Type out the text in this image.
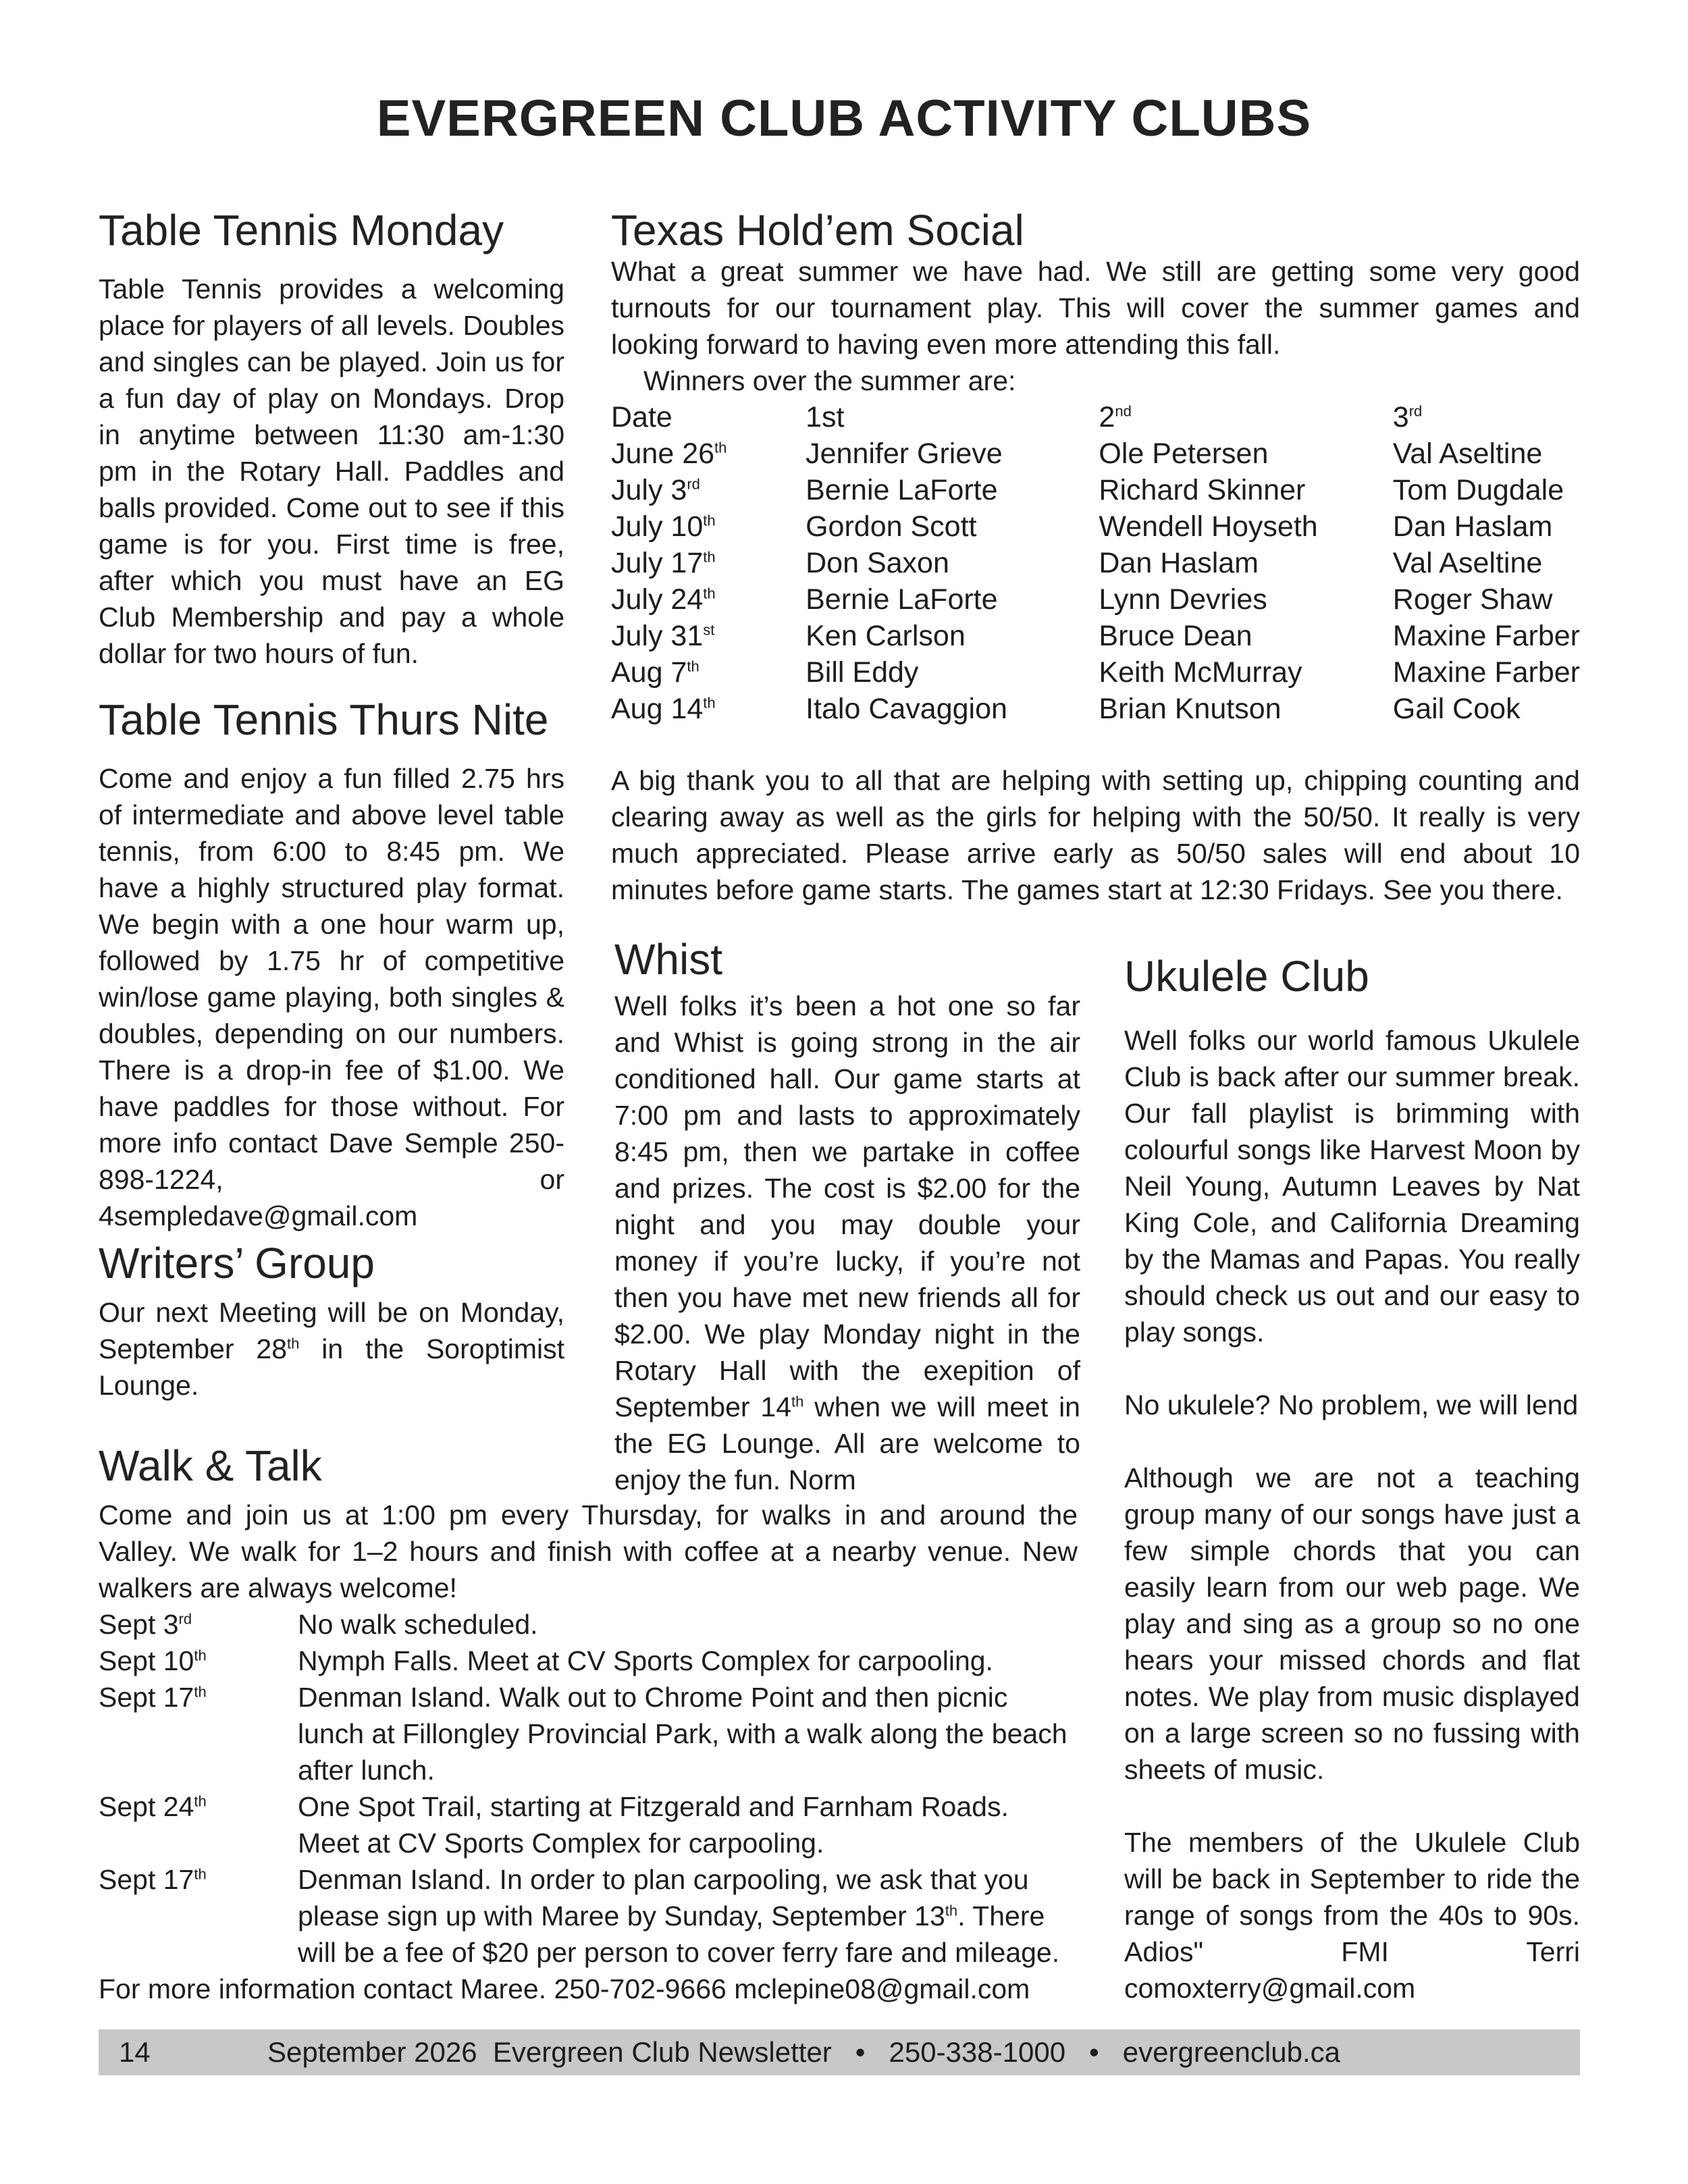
EVERGREEN CLUB ACTIVITY CLUBS
Table Tennis Monday
Table Tennis provides a welcoming place for players of all levels. Doubles and singles can be played. Join us for a fun day of play on Mondays. Drop in anytime between 11:30 am-1:30 pm in the Rotary Hall. Paddles and balls provided. Come out to see if this game is for you. First time is free, after which you must have an EG Club Membership and pay a whole dollar for two hours of fun.
Table Tennis Thurs Nite
Come and enjoy a fun filled 2.75 hrs of intermediate and above level table tennis, from 6:00 to 8:45 pm. We have a highly structured play format. We begin with a one hour warm up, followed by 1.75 hr of competitive win/lose game playing, both singles & doubles, depending on our numbers. There is a drop-in fee of $1.00. We have paddles for those without. For more info contact Dave Semple 250-898-1224, or 4sempledave@gmail.com
Writers’ Group
Our next Meeting will be on Monday, September 28th in the Soroptimist Lounge.
Walk & Talk
Come and join us at 1:00 pm every Thursday, for walks in and around the Valley. We walk for 1–2 hours and finish with coffee at a nearby venue. New walkers are always welcome!
Sept 3rd	No walk scheduled.
Sept 10th	Nymph Falls. Meet at CV Sports Complex for carpooling.
Sept 17th	Denman Island. Walk out to Chrome Point and then picnic lunch at Fillongley Provincial Park, with a walk along the beach after lunch.
Sept 24th	One Spot Trail, starting at Fitzgerald and Farnham Roads. Meet at CV Sports Complex for carpooling.
Sept 17th	Denman Island. In order to plan carpooling, we ask that you please sign up with Maree by Sunday, September 13th. There will be a fee of $20 per person to cover ferry fare and mileage.
For more information contact Maree. 250-702-9666 mclepine08@gmail.com
Texas Hold’em Social
What a great summer we have had. We still are getting some very good turnouts for our tournament play. This will cover the summer games and looking forward to having even more attending this fall.
Winners over the summer are:
Date	1st	2nd	3rd
June 26th	Jennifer Grieve	Ole Petersen	Val Aseltine
July 3rd	Bernie LaForte	Richard Skinner	Tom Dugdale
July 10th	Gordon Scott	Wendell Hoyseth	Dan Haslam
July 17th	Don Saxon	Dan Haslam	Val Aseltine
July 24th	Bernie LaForte	Lynn Devries	Roger Shaw
July 31st	Ken Carlson	Bruce Dean	Maxine Farber
Aug 7th	Bill Eddy	Keith McMurray	Maxine Farber
Aug 14th	Italo Cavaggion	Brian Knutson	Gail Cook
A big thank you to all that are helping with setting up, chipping counting and clearing away as well as the girls for helping with the 50/50. It really is very much appreciated. Please arrive early as 50/50 sales will end about 10 minutes before game starts. The games start at 12:30 Fridays. See you there.
Whist
Well folks it’s been a hot one so far and Whist is going strong in the air conditioned hall. Our game starts at 7:00 pm and lasts to approximately 8:45 pm, then we partake in coffee and prizes. The cost is $2.00 for the night and you may double your money if you’re lucky, if you’re not then you have met new friends all for $2.00. We play Monday night in the Rotary Hall with the exepition of September 14th when we will meet in the EG Lounge. All are welcome to enjoy the fun. Norm
Ukulele Club

Well folks our world famous Ukulele Club is back after our summer break. Our fall playlist is brimming with colourful songs like Harvest Moon by Neil Young, Autumn Leaves by Nat King Cole, and California Dreaming by the Mamas and Papas. You really should check us out and our easy to play songs.

No ukulele? No problem, we will lend

Although we are not a teaching group many of our songs have just a few simple chords that you can easily learn from our web page. We play and sing as a group so no one hears your missed chords and flat notes. We play from music displayed on a large screen so no fussing with sheets of music.

The members of the Ukulele Club will be back in September to ride the range of songs from the 40s to 90s. Adios" FMI Terri comoxterry@gmail.com

14	September 2026  Evergreen Club Newsletter   •   250-338-1000   •   evergreenclub.ca
